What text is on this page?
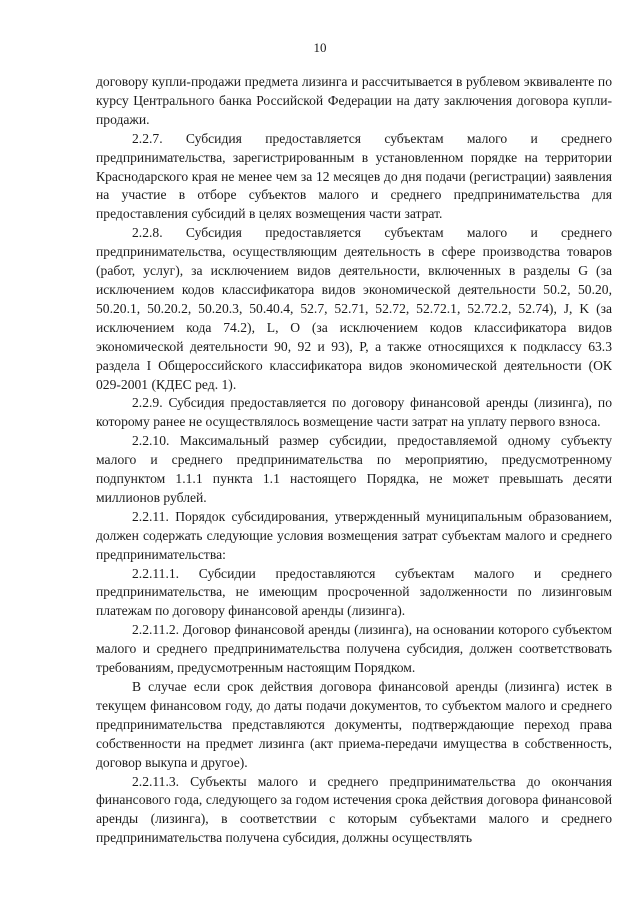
10

договору купли-продажи предмета лизинга и рассчитывается в рублевом эквиваленте по курсу Центрального банка Российской Федерации на дату заключения договора купли-продажи.

2.2.7. Субсидия предоставляется субъектам малого и среднего предпринимательства, зарегистрированным в установленном порядке на территории Краснодарского края не менее чем за 12 месяцев до дня подачи (регистрации) заявления на участие в отборе субъектов малого и среднего предпринимательства для предоставления субсидий в целях возмещения части затрат.

2.2.8. Субсидия предоставляется субъектам малого и среднего предпринимательства, осуществляющим деятельность в сфере производства товаров (работ, услуг), за исключением видов деятельности, включенных в разделы G (за исключением кодов классификатора видов экономической деятельности 50.2, 50.20, 50.20.1, 50.20.2, 50.20.3, 50.40.4, 52.7, 52.71, 52.72, 52.72.1, 52.72.2, 52.74), J, K (за исключением кода 74.2), L, O (за исключением кодов классификатора видов экономической деятельности 90, 92 и 93), P, а также относящихся к подклассу 63.3 раздела I Общероссийского классификатора видов экономической деятельности (ОК 029-2001 (КДЕС ред. 1).

2.2.9. Субсидия предоставляется по договору финансовой аренды (лизинга), по которому ранее не осуществлялось возмещение части затрат на уплату первого взноса.

2.2.10. Максимальный размер субсидии, предоставляемой одному субъекту малого и среднего предпринимательства по мероприятию, предусмотренному подпунктом 1.1.1 пункта 1.1 настоящего Порядка, не может превышать десяти миллионов рублей.

2.2.11. Порядок субсидирования, утвержденный муниципальным образованием, должен содержать следующие условия возмещения затрат субъектам малого и среднего предпринимательства:

2.2.11.1. Субсидии предоставляются субъектам малого и среднего предпринимательства, не имеющим просроченной задолженности по лизинговым платежам по договору финансовой аренды (лизинга).

2.2.11.2. Договор финансовой аренды (лизинга), на основании которого субъектом малого и среднего предпринимательства получена субсидия, должен соответствовать требованиям, предусмотренным настоящим Порядком.

В случае если срок действия договора финансовой аренды (лизинга) истек в текущем финансовом году, до даты подачи документов, то субъектом малого и среднего предпринимательства представляются документы, подтверждающие переход права собственности на предмет лизинга (акт приема-передачи имущества в собственность, договор выкупа и другое).

2.2.11.3. Субъекты малого и среднего предпринимательства до окончания финансового года, следующего за годом истечения срока действия договора финансовой аренды (лизинга), в соответствии с которым субъектами малого и среднего предпринимательства получена субсидия, должны осуществлять
